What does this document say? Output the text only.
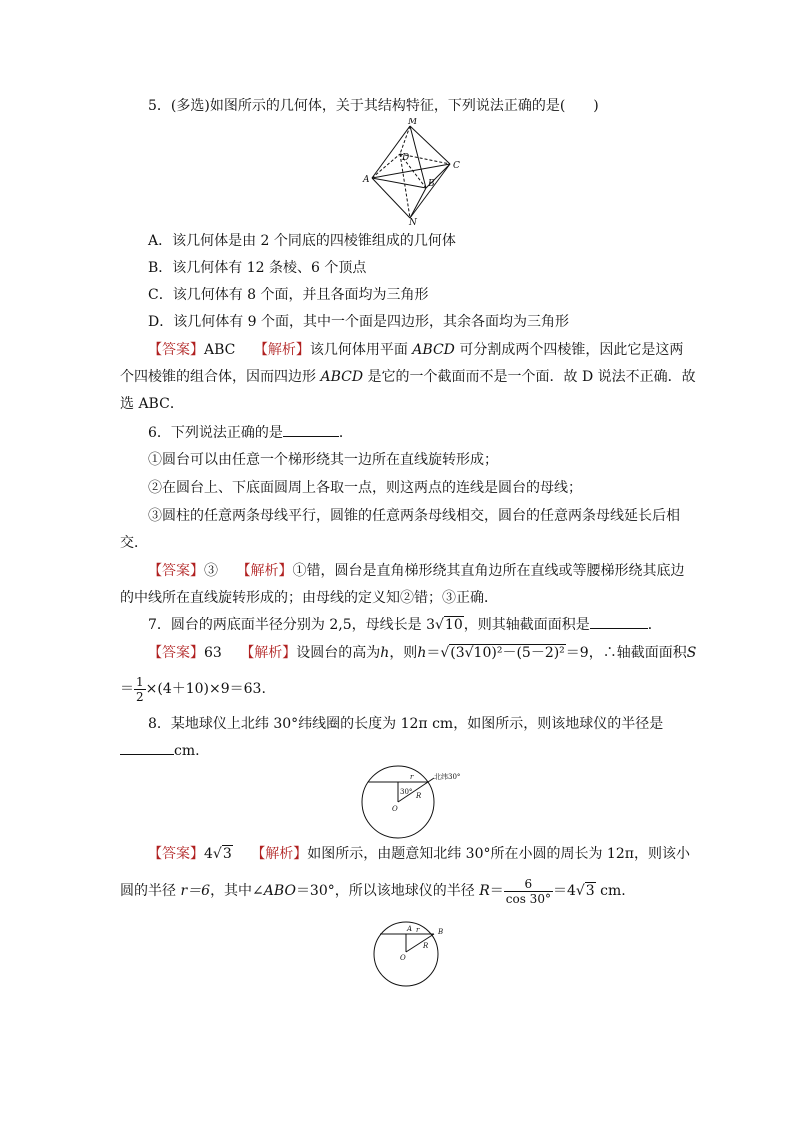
5．(多选)如图所示的几何体，关于其结构特征，下列说法正确的是(　　)
M
D
C
A	B
N
A．该几何体是由 2 个同底的四棱锥组成的几何体
B．该几何体有 12 条棱、6 个顶点
C．该几何体有 8 个面，并且各面均为三角形
D．该几何体有 9 个面，其中一个面是四边形，其余各面均为三角形
【答案】ABC　 【解析】该几何体用平面 ABCD 可分割成两个四棱锥，因此它是这两
个四棱锥的组合体，因而四边形 ABCD 是它的一个截面而不是一个面．故 D 说法不正确．故
选 ABC．
6．下列说法正确的是	．
①圆台可以由任意一个梯形绕其一边所在直线旋转形成；
②在圆台上、下底面圆周上各取一点，则这两点的连线是圆台的母线；
③圆柱的任意两条母线平行，圆锥的任意两条母线相交，圆台的任意两条母线延长后相
交．
【答案】③　 【解析】①错，圆台是直角梯形绕其直角边所在直线或等腰梯形绕其底边
的中线所在直线旋转形成的；由母线的定义知②错；③正确．
7．圆台的两底面半径分别为 2,5，母线长是 3√10，则其轴截面面积是	．
【答案】63　 【解析】设圆台的高为h，则h＝√(3√10)²－(5－2)²＝9，∴轴截面面积S
＝ $\frac{1}{2} \times(4+10)\times 9=63$.
8．某地球仪上北纬 30°纬线圈的长度为 12π cm，如图所示，则该地球仪的半径是
cm.
r
30° R
O
北纬30°
【答案】4√3　 【解析】如图所示，由题意知北纬 30°所在小圆的周长为 12π，则该小
圆的半径 r＝6，其中∠ABO＝30°，所以该地球仪的半径 $R= \frac{6}{\cos 30^\circ} =4√3$ cm.
A	B
r
R
O
